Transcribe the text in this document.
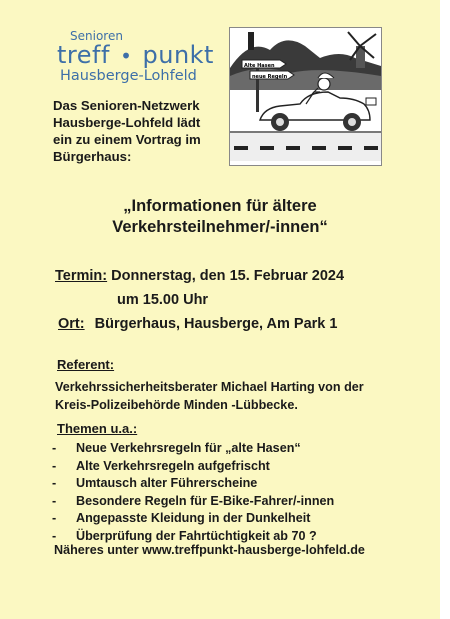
Senioren
treff • punkt
Hausberge-Lohfeld
Das Senioren-Netzwerk
Hausberge-Lohfeld lädt
ein zu einem Vortrag im
Bürgerhaus:
Alte Hasen
neue Regeln
„Informationen für ältere
Verkehrsteilnehmer/-innen“
Termin: Donnerstag, den 15. Februar 2024
um 15.00 Uhr
Ort: Bürgerhaus, Hausberge, Am Park 1
Referent:
Verkehrssicherheitsberater Michael Harting von der
Kreis-Polizeibehörde Minden -Lübbecke.
Themen u.a.:
- Neue Verkehrsregeln für „alte Hasen“
- Alte Verkehrsregeln aufgefrischt
- Umtausch alter Führerscheine
- Besondere Regeln für E-Bike-Fahrer/-innen
- Angepasste Kleidung in der Dunkelheit
- Überprüfung der Fahrtüchtigkeit ab 70 ?
Näheres unter www.treffpunkt-hausberge-lohfeld.de
